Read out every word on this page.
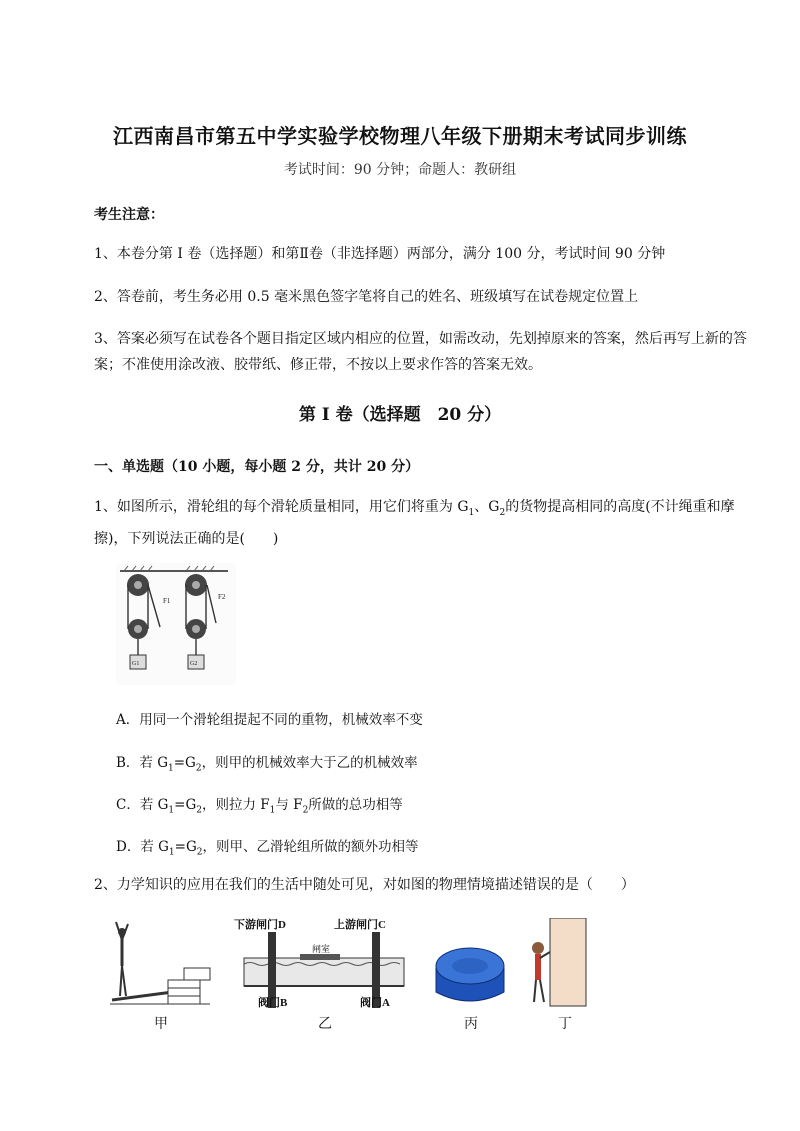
江西南昌市第五中学实验学校物理八年级下册期末考试同步训练
考试时间：90 分钟；命题人：教研组
考生注意：
1、本卷分第 I 卷（选择题）和第Ⅱ卷（非选择题）两部分，满分 100 分，考试时间 90 分钟
2、答卷前，考生务必用 0.5 毫米黑色签字笔将自己的姓名、班级填写在试卷规定位置上
3、答案必须写在试卷各个题目指定区域内相应的位置，如需改动，先划掉原来的答案，然后再写上新的答案；不准使用涂改液、胶带纸、修正带，不按以上要求作答的答案无效。
第 I 卷（选择题　20 分）
一、单选题（10 小题，每小题 2 分，共计 20 分）
1、如图所示，滑轮组的每个滑轮质量相同，用它们将重为 $G_1$、$G_2$的货物提高相同的高度(不计绳重和摩擦)，下列说法正确的是(　　)
F1	F2
G1	G2
A．用同一个滑轮组提起不同的重物，机械效率不变
B．若 $G_1=G_2$，则甲的机械效率大于乙的机械效率
C．若 $G_1=G_2$，则拉力 $F_1$与 $F_2$所做的总功相等
D．若 $G_1=G_2$，则甲、乙滑轮组所做的额外功相等
2、力学知识的应用在我们的生活中随处可见，对如图的物理情境描述错误的是（　　）
下游闸门D	上游闸门C
闸室
阀门B	阀门A
甲	乙	丙	丁
